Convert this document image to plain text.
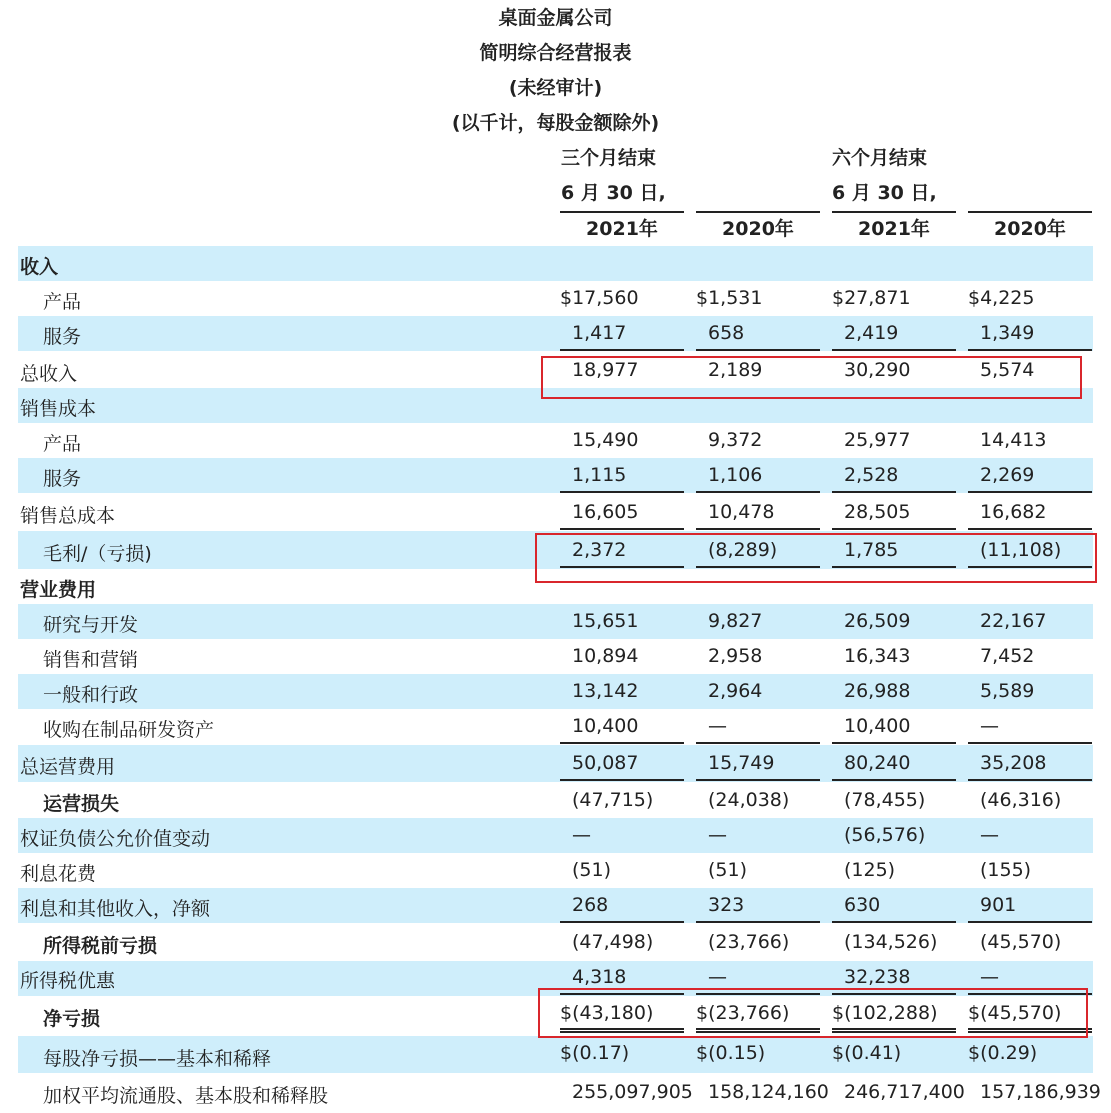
桌面金属公司
简明综合经营报表
(未经审计)
(以千计，每股金额除外)
三个月结束
6 月 30 日,
六个月结束
6 月 30 日,
2021年	2020年	2021年	2020年
收入
产品	$17,560	$1,531	$27,871	$4,225
服务	1,417	658	2,419	1,349
总收入	18,977	2,189	30,290	5,574
销售成本
产品	15,490	9,372	25,977	14,413
服务	1,115	1,106	2,528	2,269
销售总成本	16,605	10,478	28,505	16,682
毛利/（亏损)	2,372	(8,289)	1,785	(11,108)
营业费用
研究与开发	15,651	9,827	26,509	22,167
销售和营销	10,894	2,958	16,343	7,452
一般和行政	13,142	2,964	26,988	5,589
收购在制品研发资产	10,400	—	10,400	—
总运营费用	50,087	15,749	80,240	35,208
运营损失	(47,715)	(24,038)	(78,455)	(46,316)
权证负债公允价值变动	—	—	(56,576)	—
利息花费	(51)	(51)	(125)	(155)
利息和其他收入，净额	268	323	630	901
所得税前亏损	(47,498)	(23,766)	(134,526) (45,570)
所得税优惠	4,318	—	32,238	—
净亏损	$(43,180) $(23,766) $(102,288) $(45,570)
每股净亏损——基本和稀释	$(0.17)	$(0.15)	$(0.41)	$(0.29)
加权平均流通股、基本股和稀释股	255,097,905 158,124,160 246,717,400 157,186,939
